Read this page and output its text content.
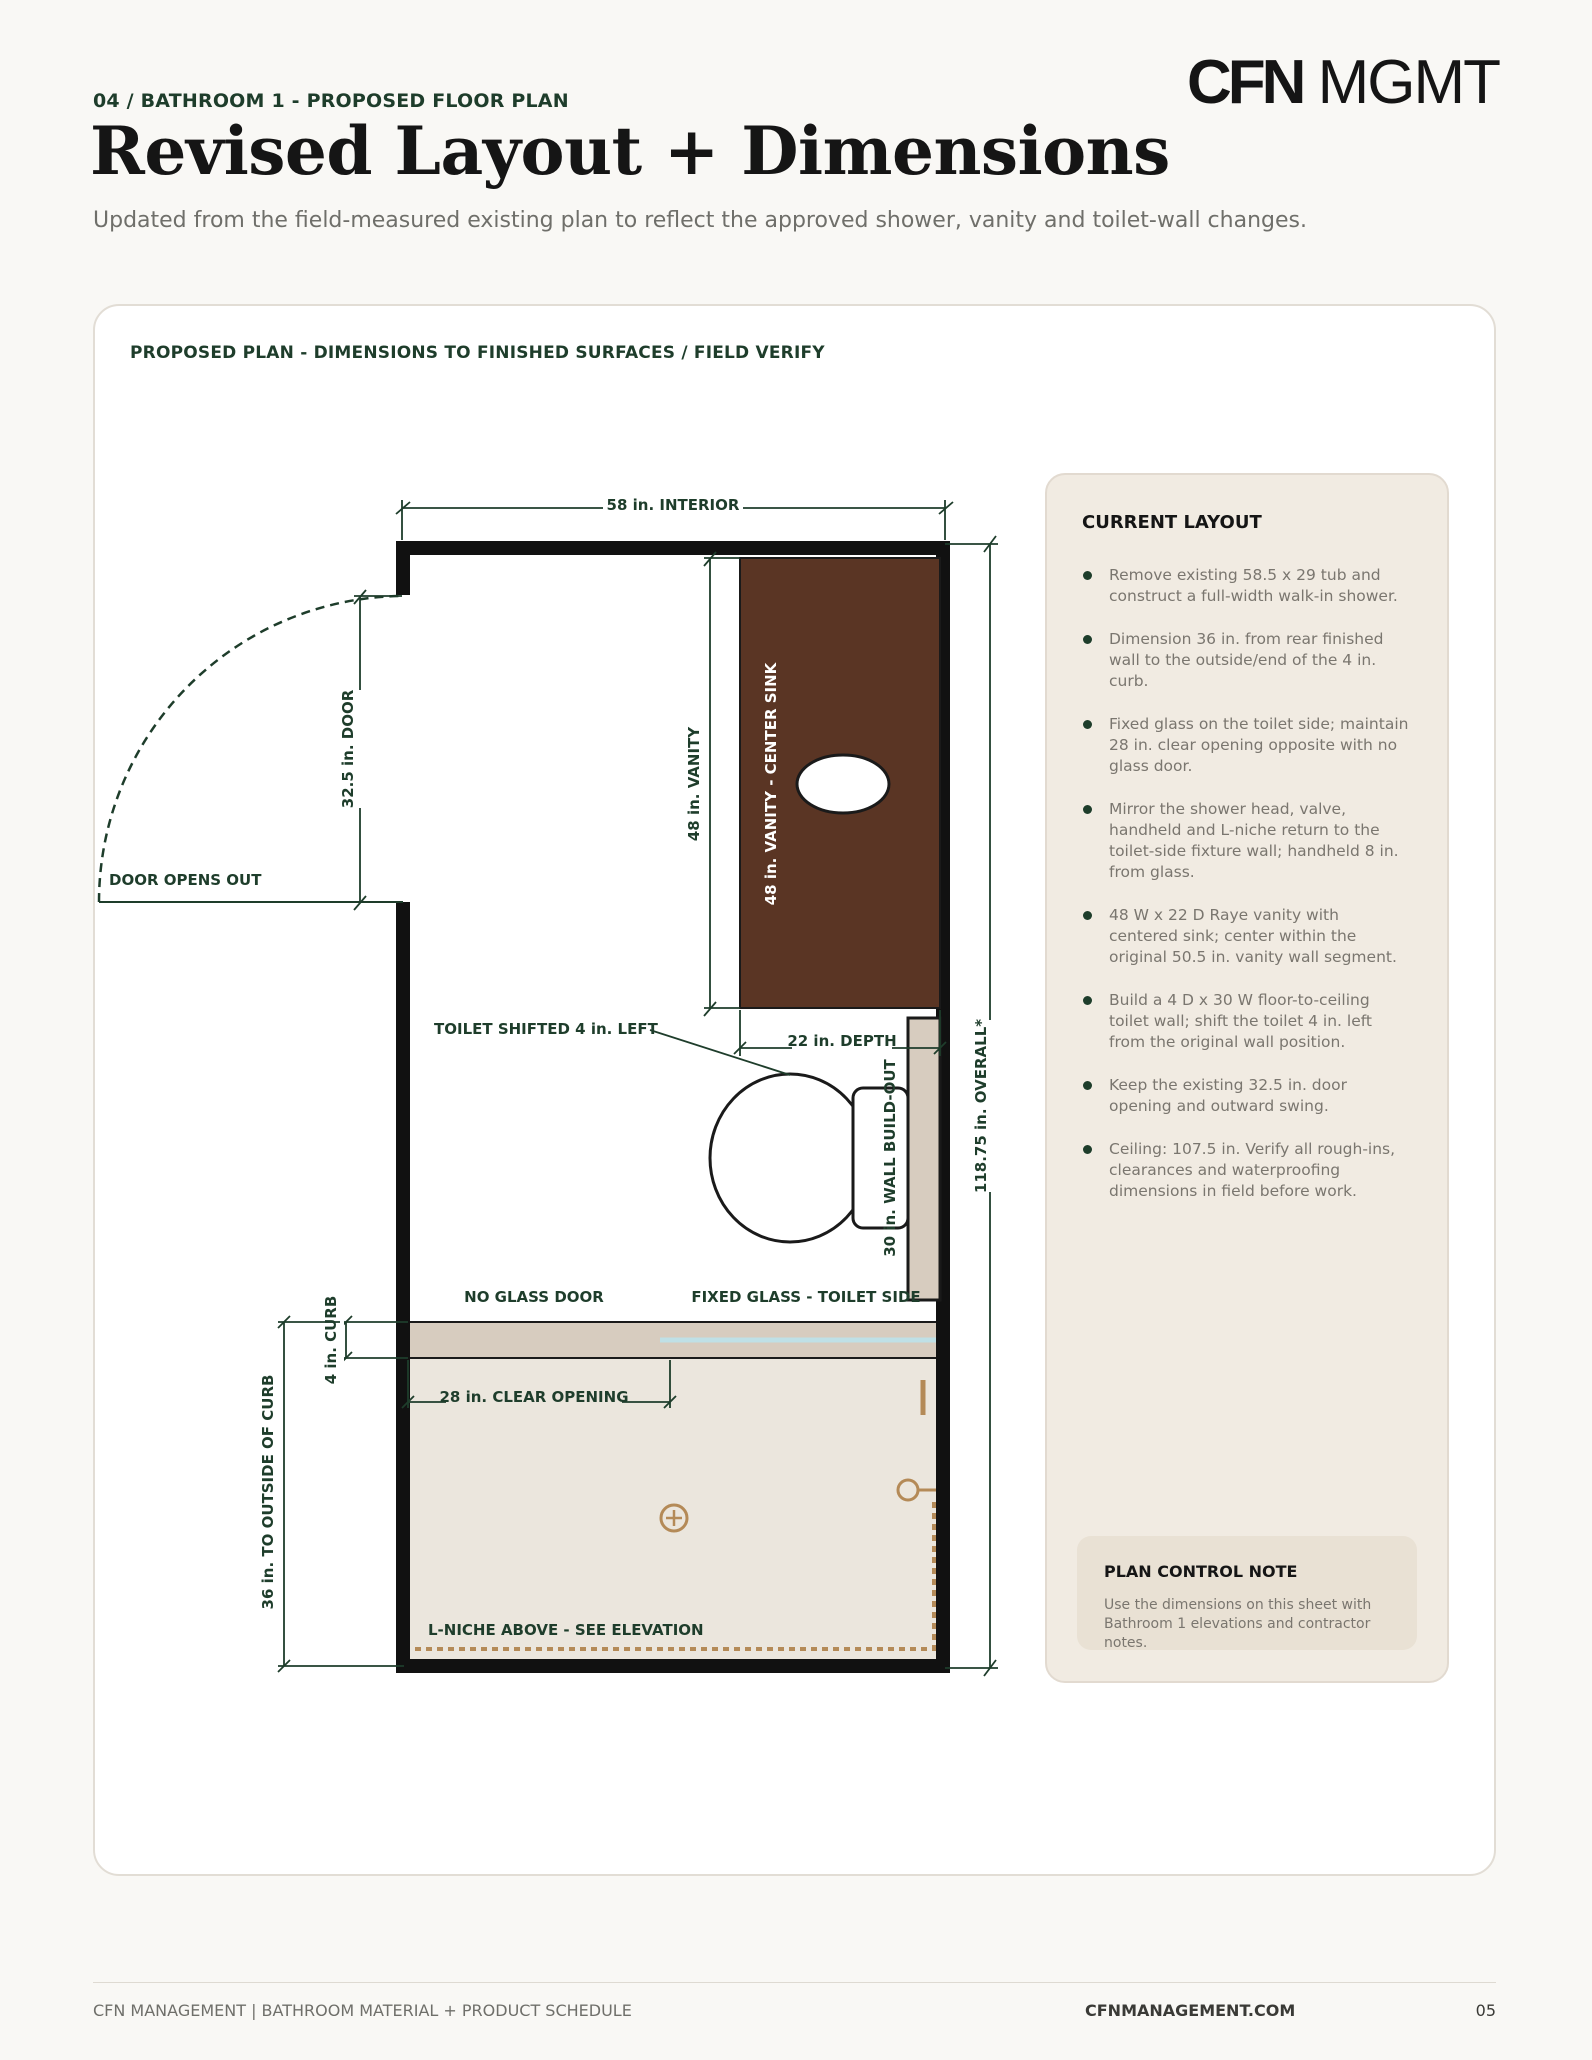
04 / BATHROOM 1 - PROPOSED FLOOR PLAN	CFN MGMT
Revised Layout + Dimensions
Updated from the field-measured existing plan to reflect the approved shower, vanity and toilet-wall changes.
PROPOSED PLAN - DIMENSIONS TO FINISHED SURFACES / FIELD VERIFY
58 in. INTERIOR
118.75 in. OVERALL*
32.5 in. DOOR
DOOR OPENS OUT
48 in. VANITY	48 in. VANITY - CENTER SINK
22 in. DEPTH
TOILET SHIFTED 4 in. LEFT
30 in. WALL BUILD-OUT
NO GLASS DOOR	FIXED GLASS - TOILET SIDE
4 in. CURB
28 in. CLEAR OPENING
36 in. TO OUTSIDE OF CURB
L-NICHE ABOVE - SEE ELEVATION
CURRENT LAYOUT
Remove existing 58.5 x 29 tub and construct a full-width walk-in shower.
Dimension 36 in. from rear finished wall to the outside/end of the 4 in. curb.
Fixed glass on the toilet side; maintain 28 in. clear opening opposite with no glass door.
Mirror the shower head, valve, handheld and L-niche return to the toilet-side fixture wall; handheld 8 in. from glass.
48 W x 22 D Raye vanity with centered sink; center within the original 50.5 in. vanity wall segment.
Build a 4 D x 30 W floor-to-ceiling toilet wall; shift the toilet 4 in. left from the original wall position.
Keep the existing 32.5 in. door opening and outward swing.
Ceiling: 107.5 in. Verify all rough-ins, clearances and waterproofing dimensions in field before work.
PLAN CONTROL NOTE
Use the dimensions on this sheet with Bathroom 1 elevations and contractor notes.
CFN MANAGEMENT | BATHROOM MATERIAL + PRODUCT SCHEDULE	CFNMANAGEMENT.COM	05
